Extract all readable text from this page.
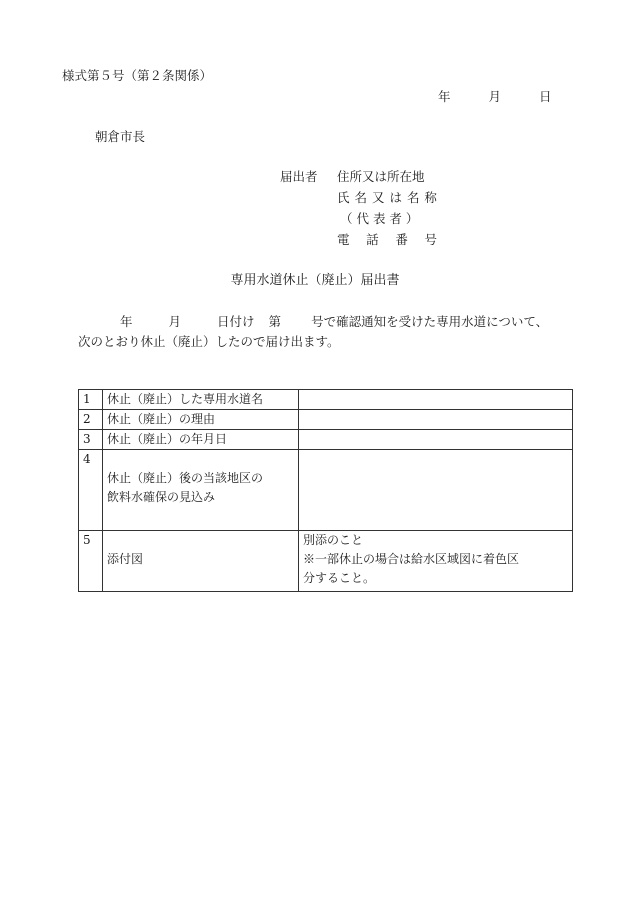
様式第５号（第２条関係）
年	月	日
朝倉市長
届出者	住所又は所在地
氏 名 又 は 名 称
（ 代 表 者 ）
電 話 番 号
専用水道休止（廃止）届出書
年	月	日付け 第 号で確認通知を受けた専用水道について、
次のとおり休止（廃止）したので届け出ます。
1	休止（廃止）した専用水道名	
2	休止（廃止）の理由	
3	休止（廃止）の年月日	
4	休止（廃止）後の当該地区の
飲料水確保の見込み	

5	添付図	別添のこと
※一部休止の場合は給水区域図に着色区
分すること。
